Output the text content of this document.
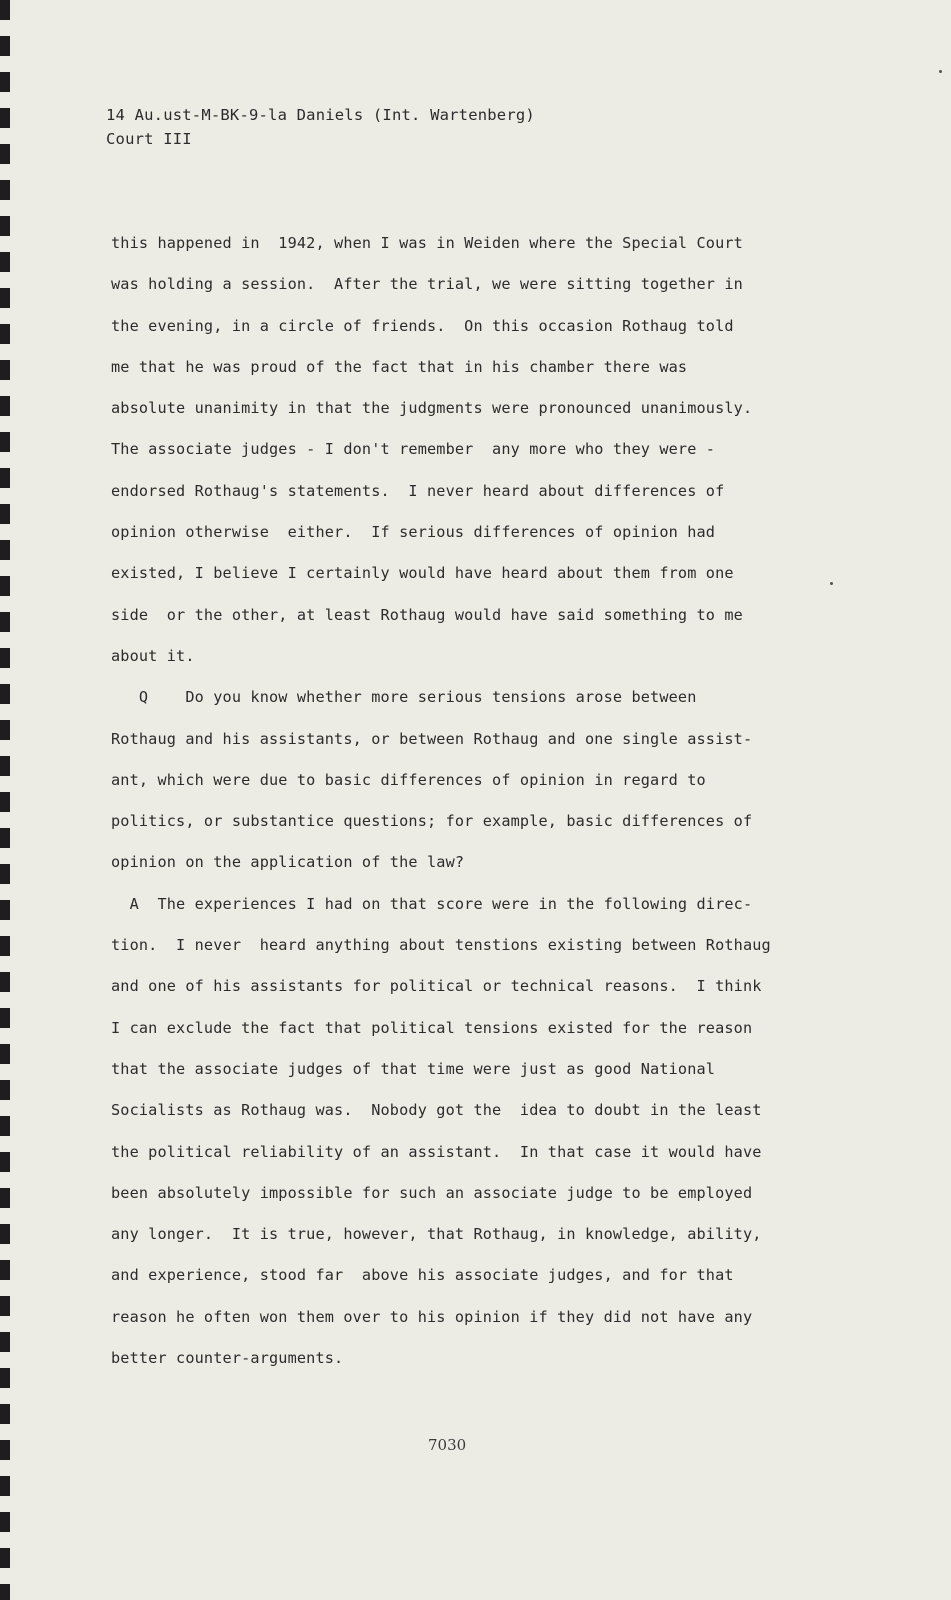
14 Au.ust-M-BK-9-la Daniels (Int. Wartenberg)
Court III
this happened in  1942, when I was in Weiden where the Special Court
was holding a session.  After the trial, we were sitting together in
the evening, in a circle of friends.  On this occasion Rothaug told
me that he was proud of the fact that in his chamber there was
absolute unanimity in that the judgments were pronounced unanimously.
The associate judges - I don't remember  any more who they were -
endorsed Rothaug's statements.  I never heard about differences of
opinion otherwise  either.  If serious differences of opinion had
existed, I believe I certainly would have heard about them from one
side  or the other, at least Rothaug would have said something to me
about it.
Q    Do you know whether more serious tensions arose between
Rothaug and his assistants, or between Rothaug and one single assist-
ant, which were due to basic differences of opinion in regard to
politics, or substantice questions; for example, basic differences of
opinion on the application of the law?
A  The experiences I had on that score were in the following direc-
tion.  I never  heard anything about tenstions existing between Rothaug
and one of his assistants for political or technical reasons.  I think
I can exclude the fact that political tensions existed for the reason
that the associate judges of that time were just as good National
Socialists as Rothaug was.  Nobody got the  idea to doubt in the least
the political reliability of an assistant.  In that case it would have
been absolutely impossible for such an associate judge to be employed
any longer.  It is true, however, that Rothaug, in knowledge, ability,
and experience, stood far  above his associate judges, and for that
reason he often won them over to his opinion if they did not have any
better counter-arguments.
7030
